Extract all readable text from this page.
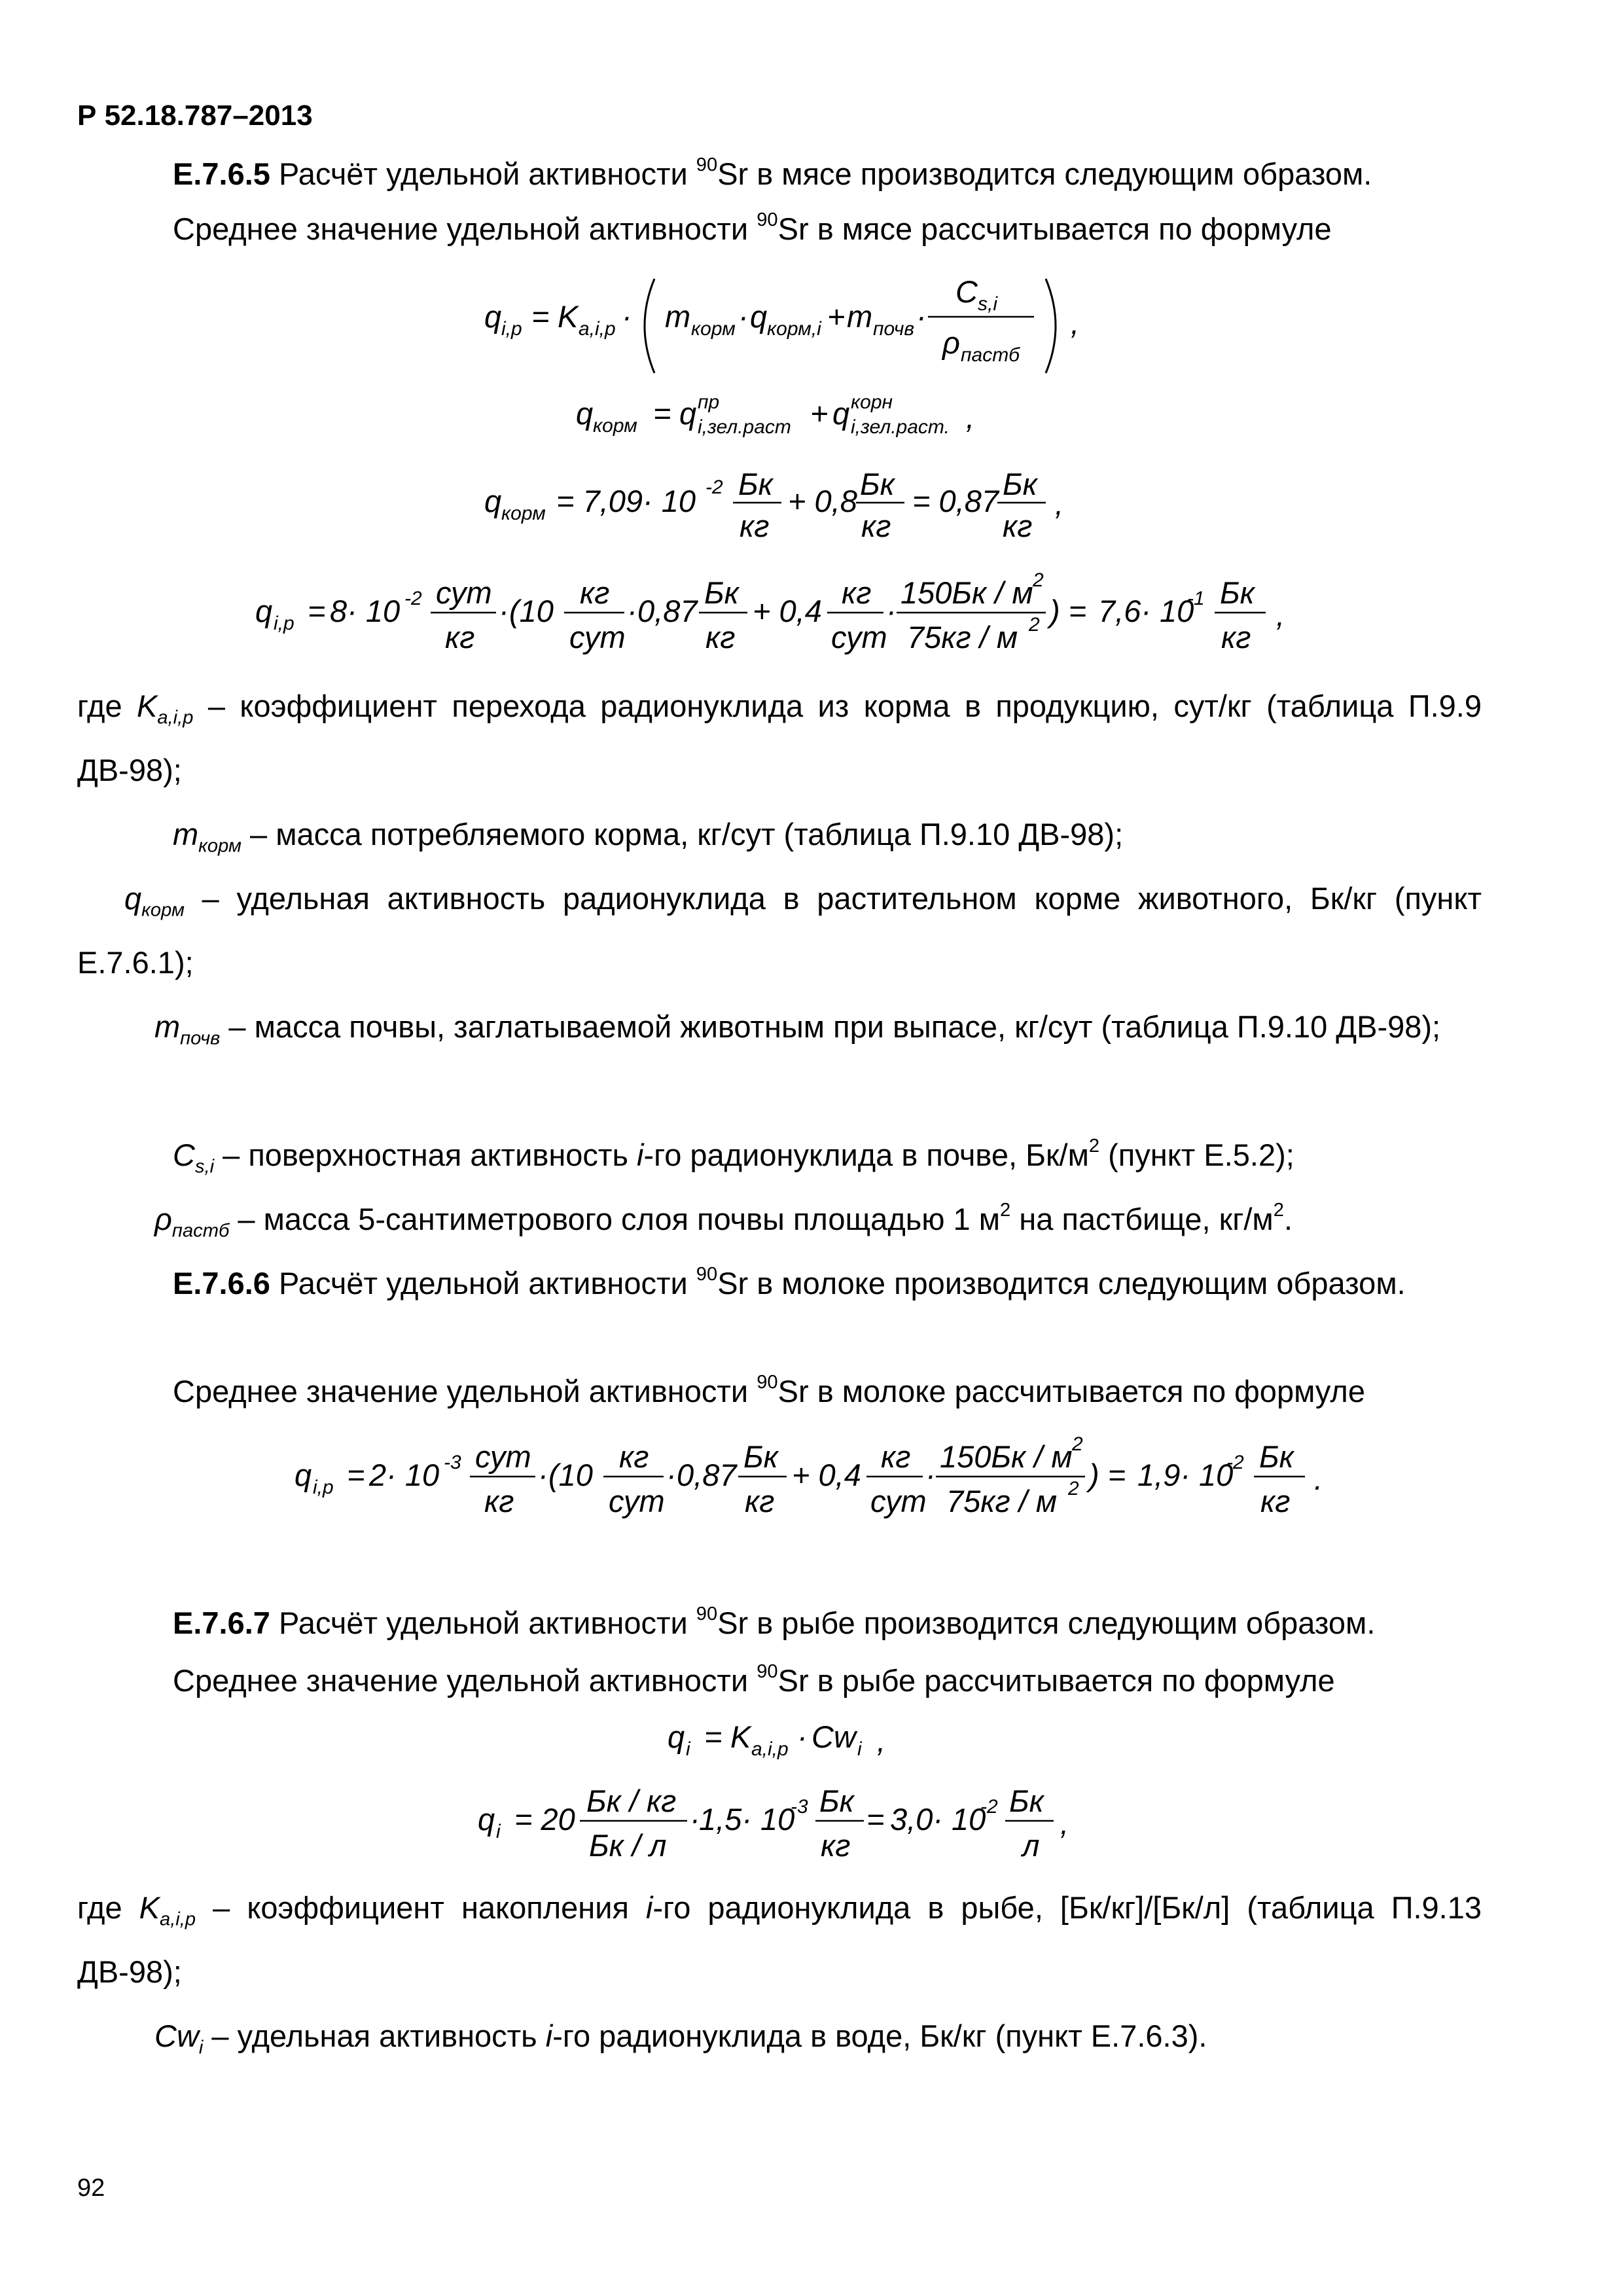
Р 52.18.787–2013
Е.7.6.5 Расчёт удельной активности $^{90}$Sr в мясе производится следующим образом.
Среднее значение удельной активности $^{90}$Sr в мясе рассчитывается по формуле
q i,p = K a,i,p · m корм · q корм,i + m почв ·
C s,i
ρ пастб
,
q корм = q пр
i,зел.раст + q корн
i,зел.раст. ,
q корм = 7,09· 10 -2 Бк
кг
+ 0,8 Бк
кг
= 0,87 Бк
кг
,
q i,p = 8· 10 -2 сут
кг
· (10
кг
сут
· 0,87
Бк
кг
+ 0,4
кг
сут
·
150Бк / м 2
75кг / м 2 ) = 7,6· 10
-1 Бк
кг
,

где $K_{a,i,p}$ – коэффициент перехода радионуклида из корма в продукцию, сут/кг (таблица П.9.9 ДВ-98);

$m_{корм}$ – масса потребляемого корма, кг/сут (таблица П.9.10 ДВ-98);

$q_{корм}$ – удельная активность радионуклида в растительном корме животного, Бк/кг (пункт Е.7.6.1);

$m_{почв}$ – масса почвы, заглатываемой животным при выпасе, кг/сут (таблица П.9.10 ДВ-98);

$C_{s,i}$ – поверхностная активность i-го радионуклида в почве, $Бк/м^2$ (пункт Е.5.2);

$\rho_{пастб}$ – масса 5-сантиметрового слоя почвы площадью 1 $м^2$ на пастбище, $кг/м^2$.

Е.7.6.6 Расчёт удельной активности $^{90}$Sr в молоке производится следующим образом.

Среднее значение удельной активности $^{90}$Sr в молоке рассчитывается по формуле
q i,p = 2· 10 -3 сут
кг
· (10
кг
сут
· 0,87
Бк
кг
+ 0,4
кг
сут
·
150Бк / м 2
75кг / м 2 ) = 1,9· 10
-2 Бк
кг
.
Е.7.6.7 Расчёт удельной активности $^{90}$Sr в рыбе производится следующим образом.
Среднее значение удельной активности $^{90}$Sr в рыбе рассчитывается по формуле
q i = K a,i,p · Cw i ,
q i = 20
Бк / кг
Бк / л
·
1,5· 10
-3 Бк
кг
= 3,0· 10
-2 Бк
л
,

где $K_{a,i,p}$ – коэффициент накопления i-го радионуклида в рыбе, [Бк/кг]/[Бк/л] (таблица П.9.13 ДВ-98);

$Cw_i$ – удельная активность i-го радионуклида в воде, Бк/кг (пункт Е.7.6.3).

92
